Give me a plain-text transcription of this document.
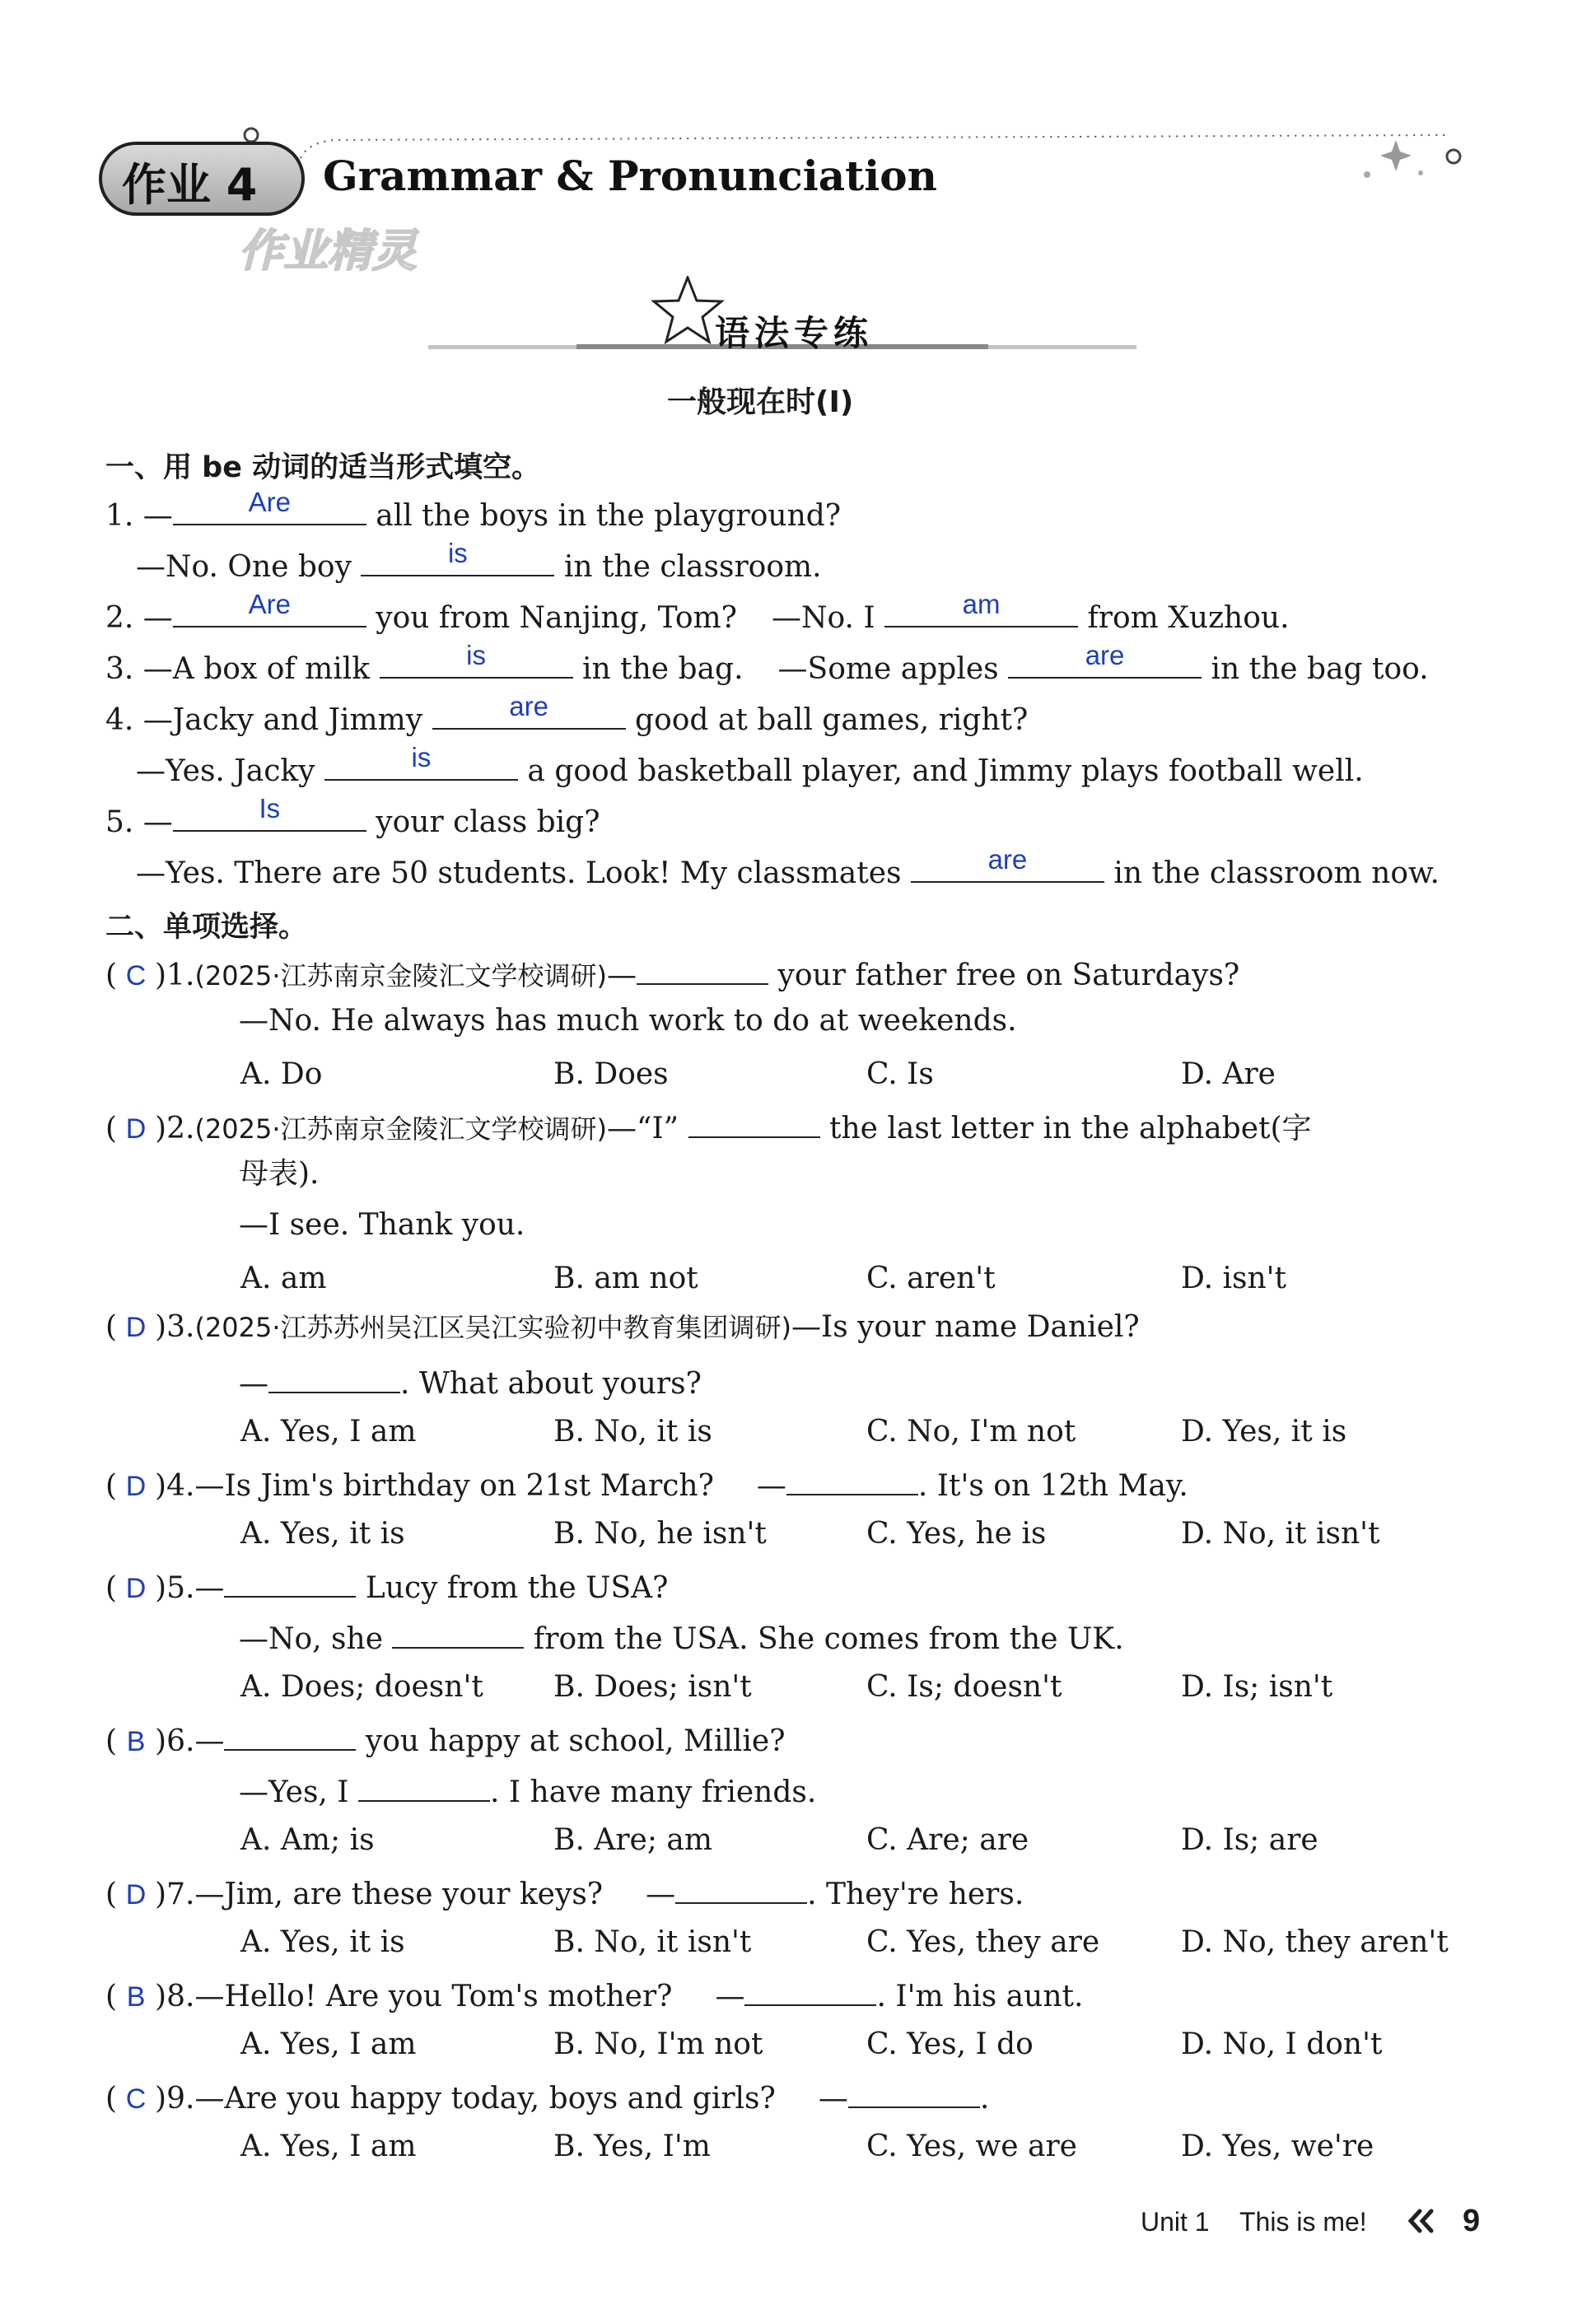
作业 4 Grammar & Pronunciation
作业精灵
语法专练
一般现在时(Ⅰ)
一、用 be 动词的适当形式填空。
1. —	Are	all the boys in the playground?
—No. One boy	is	in the classroom.
2. —	Are	you from Nanjing, Tom? —No. I	am	from Xuzhou.
3. —A box of milk	is	in the bag. —Some apples	are	in the bag too.
4. —Jacky and Jimmy	are	good at ball games, right?
—Yes. Jacky	is	a good basketball player, and Jimmy plays football well.
5. —	Is	your class big?
—Yes. There are 50 students. Look! My classmates	are	in the classroom now.
二、单项选择。
( C )1.(2025·江苏南京金陵汇文学校调研)—	your father free on Saturdays?
—No. He always has much work to do at weekends.
A. Do	B. Does	C. Is	D. Are
( D )2.(2025·江苏南京金陵汇文学校调研)—“I”	the last letter in the alphabet(字
母表).
—I see. Thank you.
A. am	B. am not	C. aren't	D. isn't
( D )3.(2025·江苏苏州吴江区吴江实验初中教育集团调研)—Is your name Daniel?
—	. What about yours?
A. Yes, I am	B. No, it is	C. No, I'm not	D. Yes, it is
( D )4.—Is Jim's birthday on 21st March? —	. It's on 12th May.
A. Yes, it is	B. No, he isn't	C. Yes, he is	D. No, it isn't
( D )5.—	Lucy from the USA?
—No, she	from the USA. She comes from the UK.
A. Does; doesn't B. Does; isn't	C. Is; doesn't	D. Is; isn't
( B )6.—	you happy at school, Millie?
—Yes, I	. I have many friends.
A. Am; is	B. Are; am	C. Are; are	D. Is; are
( D )7.—Jim, are these your keys? —	. They're hers.
A. Yes, it is	B. No, it isn't	C. Yes, they are	D. No, they aren't
( B )8.—Hello! Are you Tom's mother? —	. I'm his aunt.
A. Yes, I am	B. No, I'm not	C. Yes, I do	D. No, I don't
( C )9.—Are you happy today, boys and girls? —	.
A. Yes, I am	B. Yes, I'm	C. Yes, we are	D. Yes, we're
Unit 1 This is me!	9
